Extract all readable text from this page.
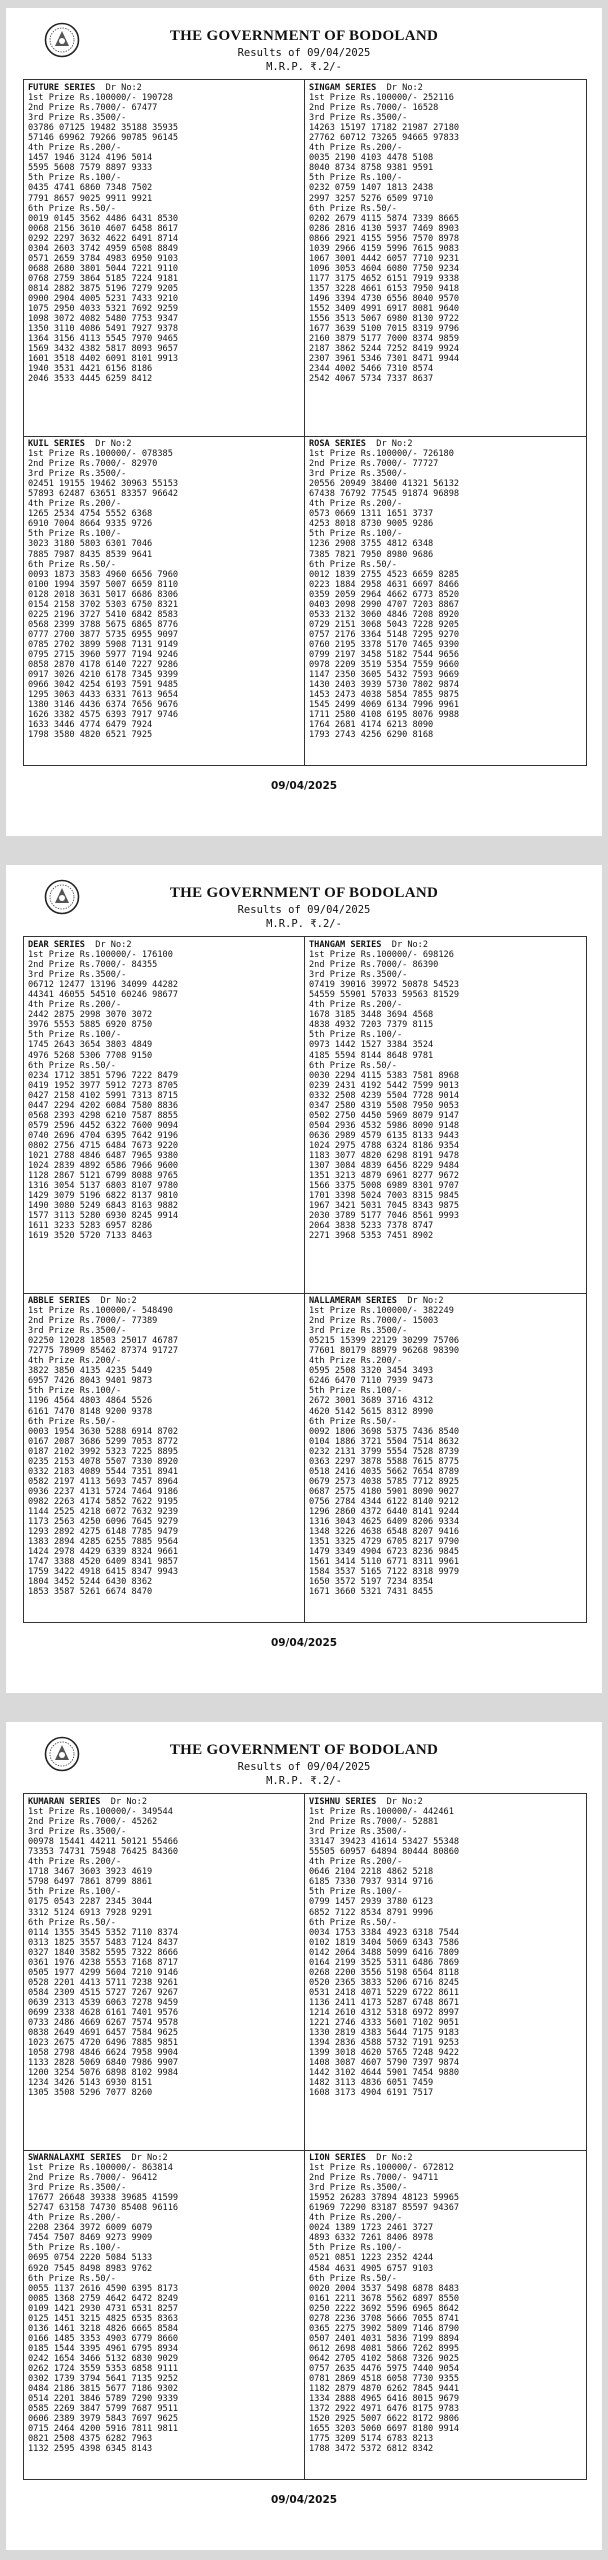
THE GOVERNMENT OF BODOLAND
Results of 09/04/2025
M.R.P. ₹.2/-
FUTURE SERIES Dr No:2
1st Prize Rs.100000/- 190728
2nd Prize Rs.7000/- 67477
3rd Prize Rs.3500/-
03786 07125 19482 35188 35935
57146 69962 79266 90785 96145
4th Prize Rs.200/-
1457 1946 3124 4196 5014
5595 5608 7579 8897 9333
5th Prize Rs.100/-
0435 4741 6860 7348 7502
7791 8657 9025 9911 9921
6th Prize Rs.50/-
0019 0145 3562 4486 6431 8530
0068 2156 3610 4607 6458 8617
0292 2297 3632 4622 6491 8714
0304 2603 3742 4959 6508 8849
0571 2659 3784 4983 6950 9103
0688 2680 3801 5044 7221 9110
0768 2759 3864 5185 7224 9181
0814 2882 3875 5196 7279 9205
0900 2904 4005 5231 7433 9210
1075 2950 4033 5321 7692 9259
1098 3072 4082 5480 7753 9347
1350 3110 4086 5491 7927 9378
1364 3156 4113 5545 7970 9465
1569 3432 4382 5817 8093 9657
1601 3518 4402 6091 8101 9913
1940 3531 4421 6156 8186
2046 3533 4445 6259 8412
SINGAM SERIES Dr No:2
1st Prize Rs.100000/- 252116
2nd Prize Rs.7000/- 16528
3rd Prize Rs.3500/-
14263 15197 17182 21987 27180
27762 60712 73265 94665 97833
4th Prize Rs.200/-
0035 2190 4103 4478 5108
8040 8734 8758 9381 9591
5th Prize Rs.100/-
0232 0759 1407 1813 2438
2997 3257 5276 6509 9710
6th Prize Rs.50/-
0202 2679 4115 5874 7339 8665
0286 2816 4130 5937 7469 8903
0866 2921 4155 5956 7570 8978
1039 2966 4159 5996 7615 9083
1067 3001 4442 6057 7710 9231
1096 3053 4604 6080 7750 9234
1177 3175 4652 6151 7919 9338
1357 3228 4661 6153 7950 9418
1496 3394 4730 6556 8040 9570
1552 3409 4991 6917 8081 9640
1556 3513 5067 6980 8130 9722
1677 3639 5100 7015 8319 9796
2160 3879 5177 7000 8374 9859
2187 3862 5244 7252 8419 9924
2307 3961 5346 7301 8471 9944
2344 4002 5466 7310 8574
2542 4067 5734 7337 8637
KUIL SERIES Dr No:2
1st Prize Rs.100000/- 078385
2nd Prize Rs.7000/- 82970
3rd Prize Rs.3500/-
02451 19155 19462 30963 55153
57893 62487 63651 83357 96642
4th Prize Rs.200/-
1265 2534 4754 5552 6368
6910 7004 8664 9335 9726
5th Prize Rs.100/-
3023 3180 5803 6301 7046
7885 7987 8435 8539 9641
6th Prize Rs.50/-
0093 1873 3583 4960 6656 7960
0100 1994 3597 5007 6659 8110
0128 2018 3631 5017 6686 8306
0154 2158 3702 5303 6750 8321
0225 2196 3727 5410 6842 8583
0568 2399 3788 5675 6865 8776
0777 2700 3877 5735 6955 9097
0785 2702 3899 5908 7131 9149
0795 2715 3960 5977 7194 9246
0858 2870 4178 6140 7227 9286
0917 3026 4210 6178 7345 9399
0966 3042 4254 6193 7591 9485
1295 3063 4433 6331 7613 9654
1380 3146 4436 6374 7656 9676
1626 3382 4575 6393 7917 9746
1633 3446 4774 6479 7924
1798 3580 4820 6521 7925
ROSA SERIES Dr No:2
1st Prize Rs.100000/- 726180
2nd Prize Rs.7000/- 77727
3rd Prize Rs.3500/-
20556 20949 38400 41321 56132
67438 76792 77545 91874 96898
4th Prize Rs.200/-
0573 0669 1311 1651 3737
4253 8018 8730 9005 9286
5th Prize Rs.100/-
1236 2908 3755 4812 6348
7385 7821 7950 8980 9686
6th Prize Rs.50/-
0012 1839 2755 4523 6659 8285
0223 1884 2958 4631 6697 8466
0359 2059 2964 4662 6773 8520
0403 2098 2990 4707 7203 8867
0533 2132 3060 4846 7208 8920
0729 2151 3068 5043 7228 9205
0757 2176 3364 5148 7295 9270
0760 2195 3378 5170 7465 9390
0799 2197 3458 5182 7544 9656
0978 2209 3519 5354 7559 9660
1147 2350 3605 5432 7593 9669
1430 2403 3939 5730 7802 9874
1453 2473 4038 5854 7855 9875
1545 2499 4069 6134 7996 9961
1711 2580 4108 6195 8076 9988
1764 2681 4174 6213 8090
1793 2743 4256 6290 8168
09/04/2025
THE GOVERNMENT OF BODOLAND
Results of 09/04/2025
M.R.P. ₹.2/-
DEAR SERIES Dr No:2
1st Prize Rs.100000/- 176100
2nd Prize Rs.7000/- 84355
3rd Prize Rs.3500/-
06712 12477 13196 34099 44282
44341 46055 54510 60246 98677
4th Prize Rs.200/-
2442 2875 2998 3070 3072
3976 5553 5885 6920 8750
5th Prize Rs.100/-
1745 2643 3654 3803 4849
4976 5268 5306 7708 9150
6th Prize Rs.50/-
0234 1712 3851 5796 7222 8479
0419 1952 3977 5912 7273 8705
0427 2158 4102 5991 7313 8715
0447 2294 4202 6084 7580 8836
0568 2393 4298 6210 7587 8855
0579 2596 4452 6322 7600 9094
0740 2696 4704 6395 7642 9196
0802 2756 4715 6484 7673 9220
1021 2788 4846 6487 7965 9380
1024 2839 4892 6586 7966 9600
1128 2867 5121 6799 8088 9765
1316 3054 5137 6803 8107 9780
1429 3079 5196 6822 8137 9810
1490 3080 5249 6843 8163 9882
1577 3113 5280 6930 8245 9914
1611 3233 5283 6957 8286
1619 3520 5720 7133 8463
THANGAM SERIES Dr No:2
1st Prize Rs.100000/- 698126
2nd Prize Rs.7000/- 86390
3rd Prize Rs.3500/-
07419 39016 39972 50878 54523
54559 55901 57033 59563 81529
4th Prize Rs.200/-
1678 3185 3448 3694 4568
4838 4932 7203 7379 8115
5th Prize Rs.100/-
0973 1442 1527 3384 3524
4185 5594 8144 8648 9781
6th Prize Rs.50/-
0030 2294 4115 5383 7581 8968
0239 2431 4192 5442 7599 9013
0332 2508 4239 5504 7728 9014
0347 2580 4319 5508 7950 9053
0502 2750 4450 5969 8079 9147
0504 2936 4532 5986 8090 9148
0636 2989 4579 6135 8133 9443
1024 2975 4788 6324 8186 9354
1183 3077 4820 6298 8191 9478
1307 3084 4839 6456 8229 9484
1351 3213 4879 6961 8277 9672
1566 3375 5008 6989 8301 9707
1701 3398 5024 7003 8315 9845
1967 3421 5031 7045 8343 9875
2030 3789 5177 7046 8561 9993
2064 3838 5233 7378 8747
2271 3968 5353 7451 8902
ABBLE SERIES Dr No:2
1st Prize Rs.100000/- 548490
2nd Prize Rs.7000/- 77389
3rd Prize Rs.3500/-
02250 12028 18503 25017 46787
72775 78909 85462 87374 91727
4th Prize Rs.200/-
3822 3850 4135 4235 5449
6957 7426 8043 9401 9873
5th Prize Rs.100/-
1196 4564 4803 4864 5526
6161 7470 8148 9200 9378
6th Prize Rs.50/-
0003 1954 3630 5288 6914 8702
0167 2087 3686 5299 7053 8772
0187 2102 3992 5323 7225 8895
0235 2153 4078 5507 7330 8920
0332 2183 4089 5544 7351 8941
0582 2197 4113 5693 7457 8964
0936 2237 4131 5724 7464 9186
0982 2263 4174 5852 7622 9195
1144 2525 4218 6072 7632 9239
1173 2563 4250 6096 7645 9279
1293 2892 4275 6148 7785 9479
1383 2894 4285 6255 7885 9564
1424 2978 4429 6339 8324 9661
1747 3388 4520 6409 8341 9857
1759 3422 4918 6415 8347 9943
1804 3452 5244 6430 8362
1853 3587 5261 6674 8470
NALLAMERAM SERIES Dr No:2
1st Prize Rs.100000/- 382249
2nd Prize Rs.7000/- 15003
3rd Prize Rs.3500/-
05215 15399 22129 30299 75706
77601 80179 88979 96268 98390
4th Prize Rs.200/-
0595 2508 3320 3454 3493
6246 6470 7110 7939 9473
5th Prize Rs.100/-
2672 3001 3689 3716 4312
4620 5142 5615 8312 8990
6th Prize Rs.50/-
0092 1806 3698 5375 7436 8540
0104 1886 3721 5504 7514 8632
0232 2131 3799 5554 7528 8739
0363 2297 3878 5588 7615 8775
0518 2416 4035 5662 7654 8789
0679 2573 4038 5785 7712 8925
0687 2575 4180 5901 8090 9027
0756 2784 4344 6122 8140 9212
1296 2860 4372 6440 8141 9244
1316 3043 4625 6409 8206 9334
1348 3226 4638 6548 8207 9416
1351 3325 4729 6705 8217 9790
1479 3349 4904 6723 8236 9845
1561 3414 5110 6771 8311 9961
1584 3537 5165 7122 8318 9979
1650 3572 5197 7234 8354
1671 3660 5321 7431 8455
09/04/2025
THE GOVERNMENT OF BODOLAND
Results of 09/04/2025
M.R.P. ₹.2/-
KUMARAN SERIES Dr No:2
1st Prize Rs.100000/- 349544
2nd Prize Rs.7000/- 45262
3rd Prize Rs.3500/-
00978 15441 44211 50121 55466
73353 74731 75948 76425 84360
4th Prize Rs.200/-
1718 3467 3603 3923 4619
5798 6497 7861 8799 8861
5th Prize Rs.100/-
0175 0543 2287 2345 3044
3312 5124 6913 7928 9291
6th Prize Rs.50/-
0114 1355 3545 5352 7110 8374
0313 1825 3557 5483 7124 8437
0327 1840 3582 5595 7322 8666
0361 1976 4238 5553 7168 8717
0505 1977 4299 5604 7210 9146
0528 2201 4413 5711 7238 9261
0584 2309 4515 5727 7267 9267
0639 2313 4539 6063 7278 9459
0699 2338 4628 6161 7401 9576
0733 2486 4669 6267 7574 9578
0838 2649 4691 6457 7584 9625
1023 2675 4720 6496 7885 9851
1058 2798 4846 6624 7958 9904
1133 2828 5069 6840 7986 9907
1200 3254 5076 6898 8102 9984
1234 3426 5143 6930 8151
1305 3508 5296 7077 8260
VISHNU SERIES Dr No:2
1st Prize Rs.100000/- 442461
2nd Prize Rs.7000/- 52881
3rd Prize Rs.3500/-
33147 39423 41614 53427 55348
55505 60957 64894 80444 80860
4th Prize Rs.200/-
0646 2104 2218 4862 5218
6185 7330 7937 9314 9716
5th Prize Rs.100/-
0799 1457 2939 3780 6123
6852 7122 8534 8791 9996
6th Prize Rs.50/-
0034 1753 3384 4923 6318 7544
0102 1819 3404 5069 6343 7586
0142 2064 3488 5099 6416 7809
0164 2199 3525 5311 6486 7869
0268 2200 3556 5198 6564 8118
0520 2365 3833 5206 6716 8245
0531 2418 4071 5229 6722 8611
1136 2411 4173 5287 6748 8671
1214 2610 4312 5318 6972 8997
1221 2746 4333 5601 7102 9051
1330 2819 4383 5644 7175 9183
1394 2836 4588 5732 7191 9253
1399 3018 4620 5765 7248 9422
1408 3087 4607 5790 7397 9874
1442 3102 4644 5901 7454 9880
1482 3113 4836 6051 7459
1608 3173 4904 6191 7517
SWARNALAXMI SERIES Dr No:2
1st Prize Rs.100000/- 863814
2nd Prize Rs.7000/- 96412
3rd Prize Rs.3500/-
17677 26648 39338 39685 41599
52747 63158 74730 85408 96116
4th Prize Rs.200/-
2208 2364 3972 6009 6079
7454 7507 8469 9273 9909
5th Prize Rs.100/-
0695 0754 2220 5084 5133
6920 7545 8498 8983 9762
6th Prize Rs.50/-
0055 1137 2616 4590 6395 8173
0085 1368 2759 4642 6472 8249
0109 1421 2930 4731 6531 8257
0125 1451 3215 4825 6535 8363
0136 1461 3218 4826 6665 8584
0166 1485 3353 4903 6779 8660
0185 1544 3395 4961 6795 8934
0242 1654 3466 5132 6830 9029
0262 1724 3559 5353 6858 9111
0302 1739 3794 5641 7135 9252
0484 2186 3815 5677 7186 9302
0514 2201 3846 5789 7290 9339
0585 2269 3847 5799 7687 9511
0606 2389 3979 5843 7697 9625
0715 2464 4200 5916 7811 9811
0821 2508 4375 6282 7963
1132 2595 4398 6345 8143
LION SERIES Dr No:2
1st Prize Rs.100000/- 672812
2nd Prize Rs.7000/- 94711
3rd Prize Rs.3500/-
15952 26283 37894 48123 59965
61969 72290 83187 85597 94367
4th Prize Rs.200/-
0024 1389 1723 2461 3727
4893 6332 7261 8406 8978
5th Prize Rs.100/-
0521 0851 1223 2352 4244
4584 4631 4905 6757 9103
6th Prize Rs.50/-
0020 2004 3537 5498 6878 8483
0161 2211 3678 5562 6897 8550
0250 2222 3692 5596 6965 8642
0278 2236 3708 5666 7055 8741
0365 2275 3902 5809 7146 8790
0507 2401 4031 5836 7199 8894
0612 2698 4081 5866 7262 8995
0642 2705 4102 5868 7326 9025
0757 2635 4476 5975 7440 9054
0781 2869 4518 6058 7730 9355
1182 2879 4870 6262 7845 9441
1334 2888 4965 6416 8015 9679
1372 2922 4971 6476 8175 9783
1520 2925 5007 6622 8172 9806
1655 3203 5060 6697 8180 9914
1775 3209 5174 6783 8213
1788 3472 5372 6812 8342
09/04/2025
